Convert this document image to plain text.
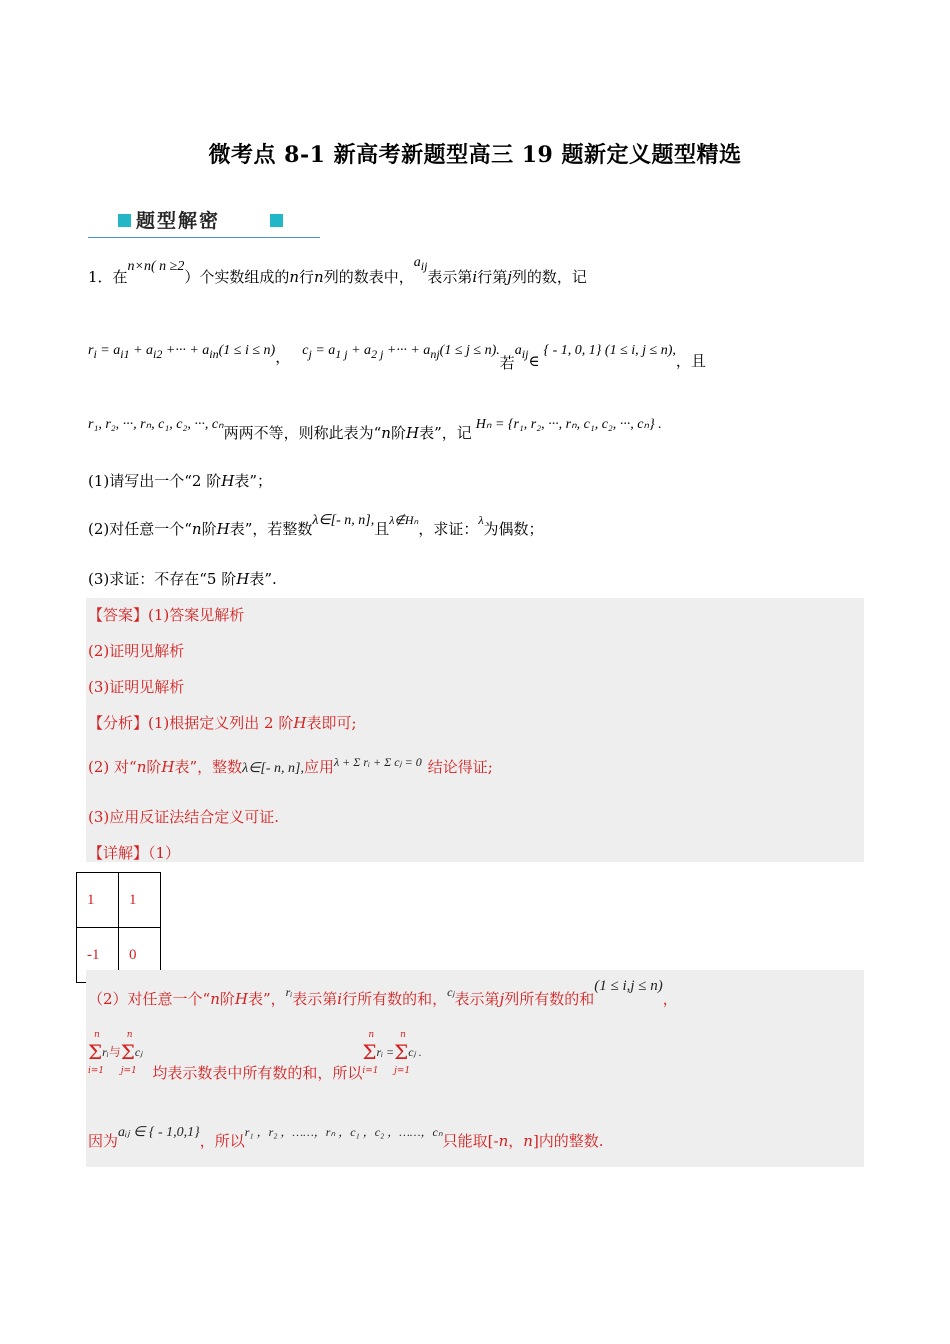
微考点 8-1 新高考新题型高三 19 题新定义题型精选
题型解密
1．在n×n( n ≥2）个实数组成的n行n列的数表中，$a_{ij}$表示第i行第j列的数，记
$r_i = a_{i1} + a_{i2}$ +··· + $a_{in}(1 \le i \le n)$， $c_j = a_{1 j} + a_{2 j}$ +··· + $a_{nj}(1 \le j \le n)$.若$a_{ij}\in\{ - 1$, 0, 1} (1 ≤ i, j ≤ n),，且
r₁, r₂, ···, rₙ, c₁, c₂, ···, cₙ两两不等，则称此表为“n阶H表”，记 Hₙ = {r₁, r₂, ···, rₙ, c₁, c₂, ···, cₙ} .
(1)请写出一个“2 阶H表”；
(2)对任意一个“n阶H表”，若整数λ∈[- n, n],且λ∉Hₙ，求证：λ为偶数；
(3)求证：不存在“5 阶H表”.
【答案】(1)答案见解析
(2)证明见解析
(3)证明见解析
【分析】(1)根据定义列出 2 阶H表即可;
(2) 对“n阶H表”，整数λ∈[- n, n],应用$^{\lambda + \Sigma rᵢ + \Sigma cⱼ = 0}$ 结论得证;
(3)应用反证法结合定义可证.
【详解】（1）
1	1
-1	0
（2）对任意一个“n阶H表”，$^{rᵢ}$表示第i行所有数的和，$^{cⱼ}$表示第j列所有数的和(1 ≤ i,j ≤ n)，
Σ
n
i=1
rᵢ与Σ
n
j=1
cⱼ均表示数表中所有数的和，所以Σ
n
i=1
rᵢ =Σ
n
j=1
cⱼ .
因为aᵢⱼ ∈ { - 1,0,1}，所以$^{r_1 ,r_2 ,\dots\dots,r_n ,c_1 ,c_2 ,\dots\dots,c_n}$只能取[-n，n]内的整数.
